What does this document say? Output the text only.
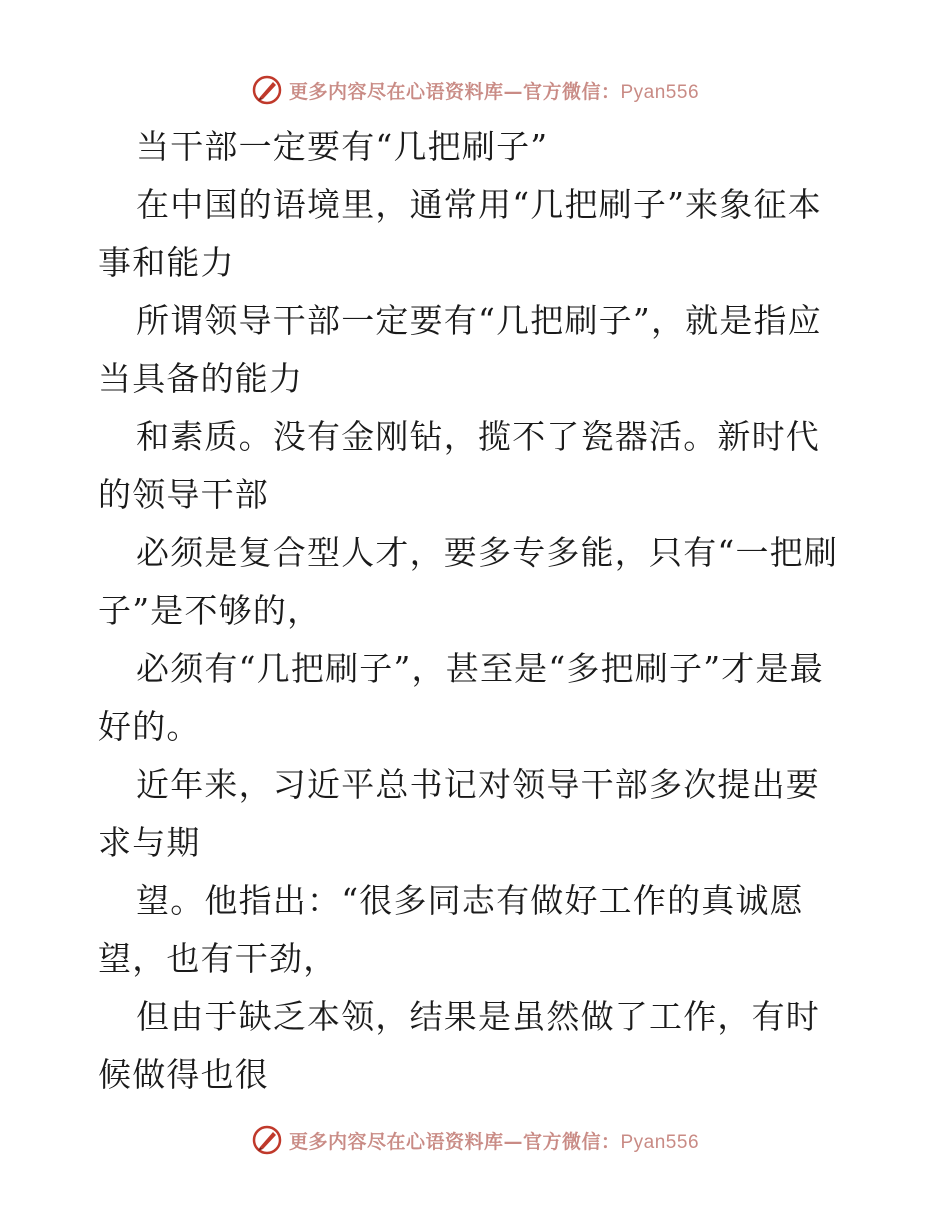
更多内容尽在心语资料库—官方微信：Pyan556

当干部一定要有“几把刷子”

在中国的语境里，通常用“几把刷子”来象征本事和能力

所谓领导干部一定要有“几把刷子”，就是指应当具备的能力

和素质。没有金刚钻，揽不了瓷器活。新时代的领导干部

必须是复合型人才，要多专多能，只有“一把刷子”是不够的，

必须有“几把刷子”，甚至是“多把刷子”才是最好的。

近年来，习近平总书记对领导干部多次提出要求与期

望。他指出：“很多同志有做好工作的真诚愿望，也有干劲，

但由于缺乏本领，结果是虽然做了工作，有时候做得也很

更多内容尽在心语资料库—官方微信：Pyan556
